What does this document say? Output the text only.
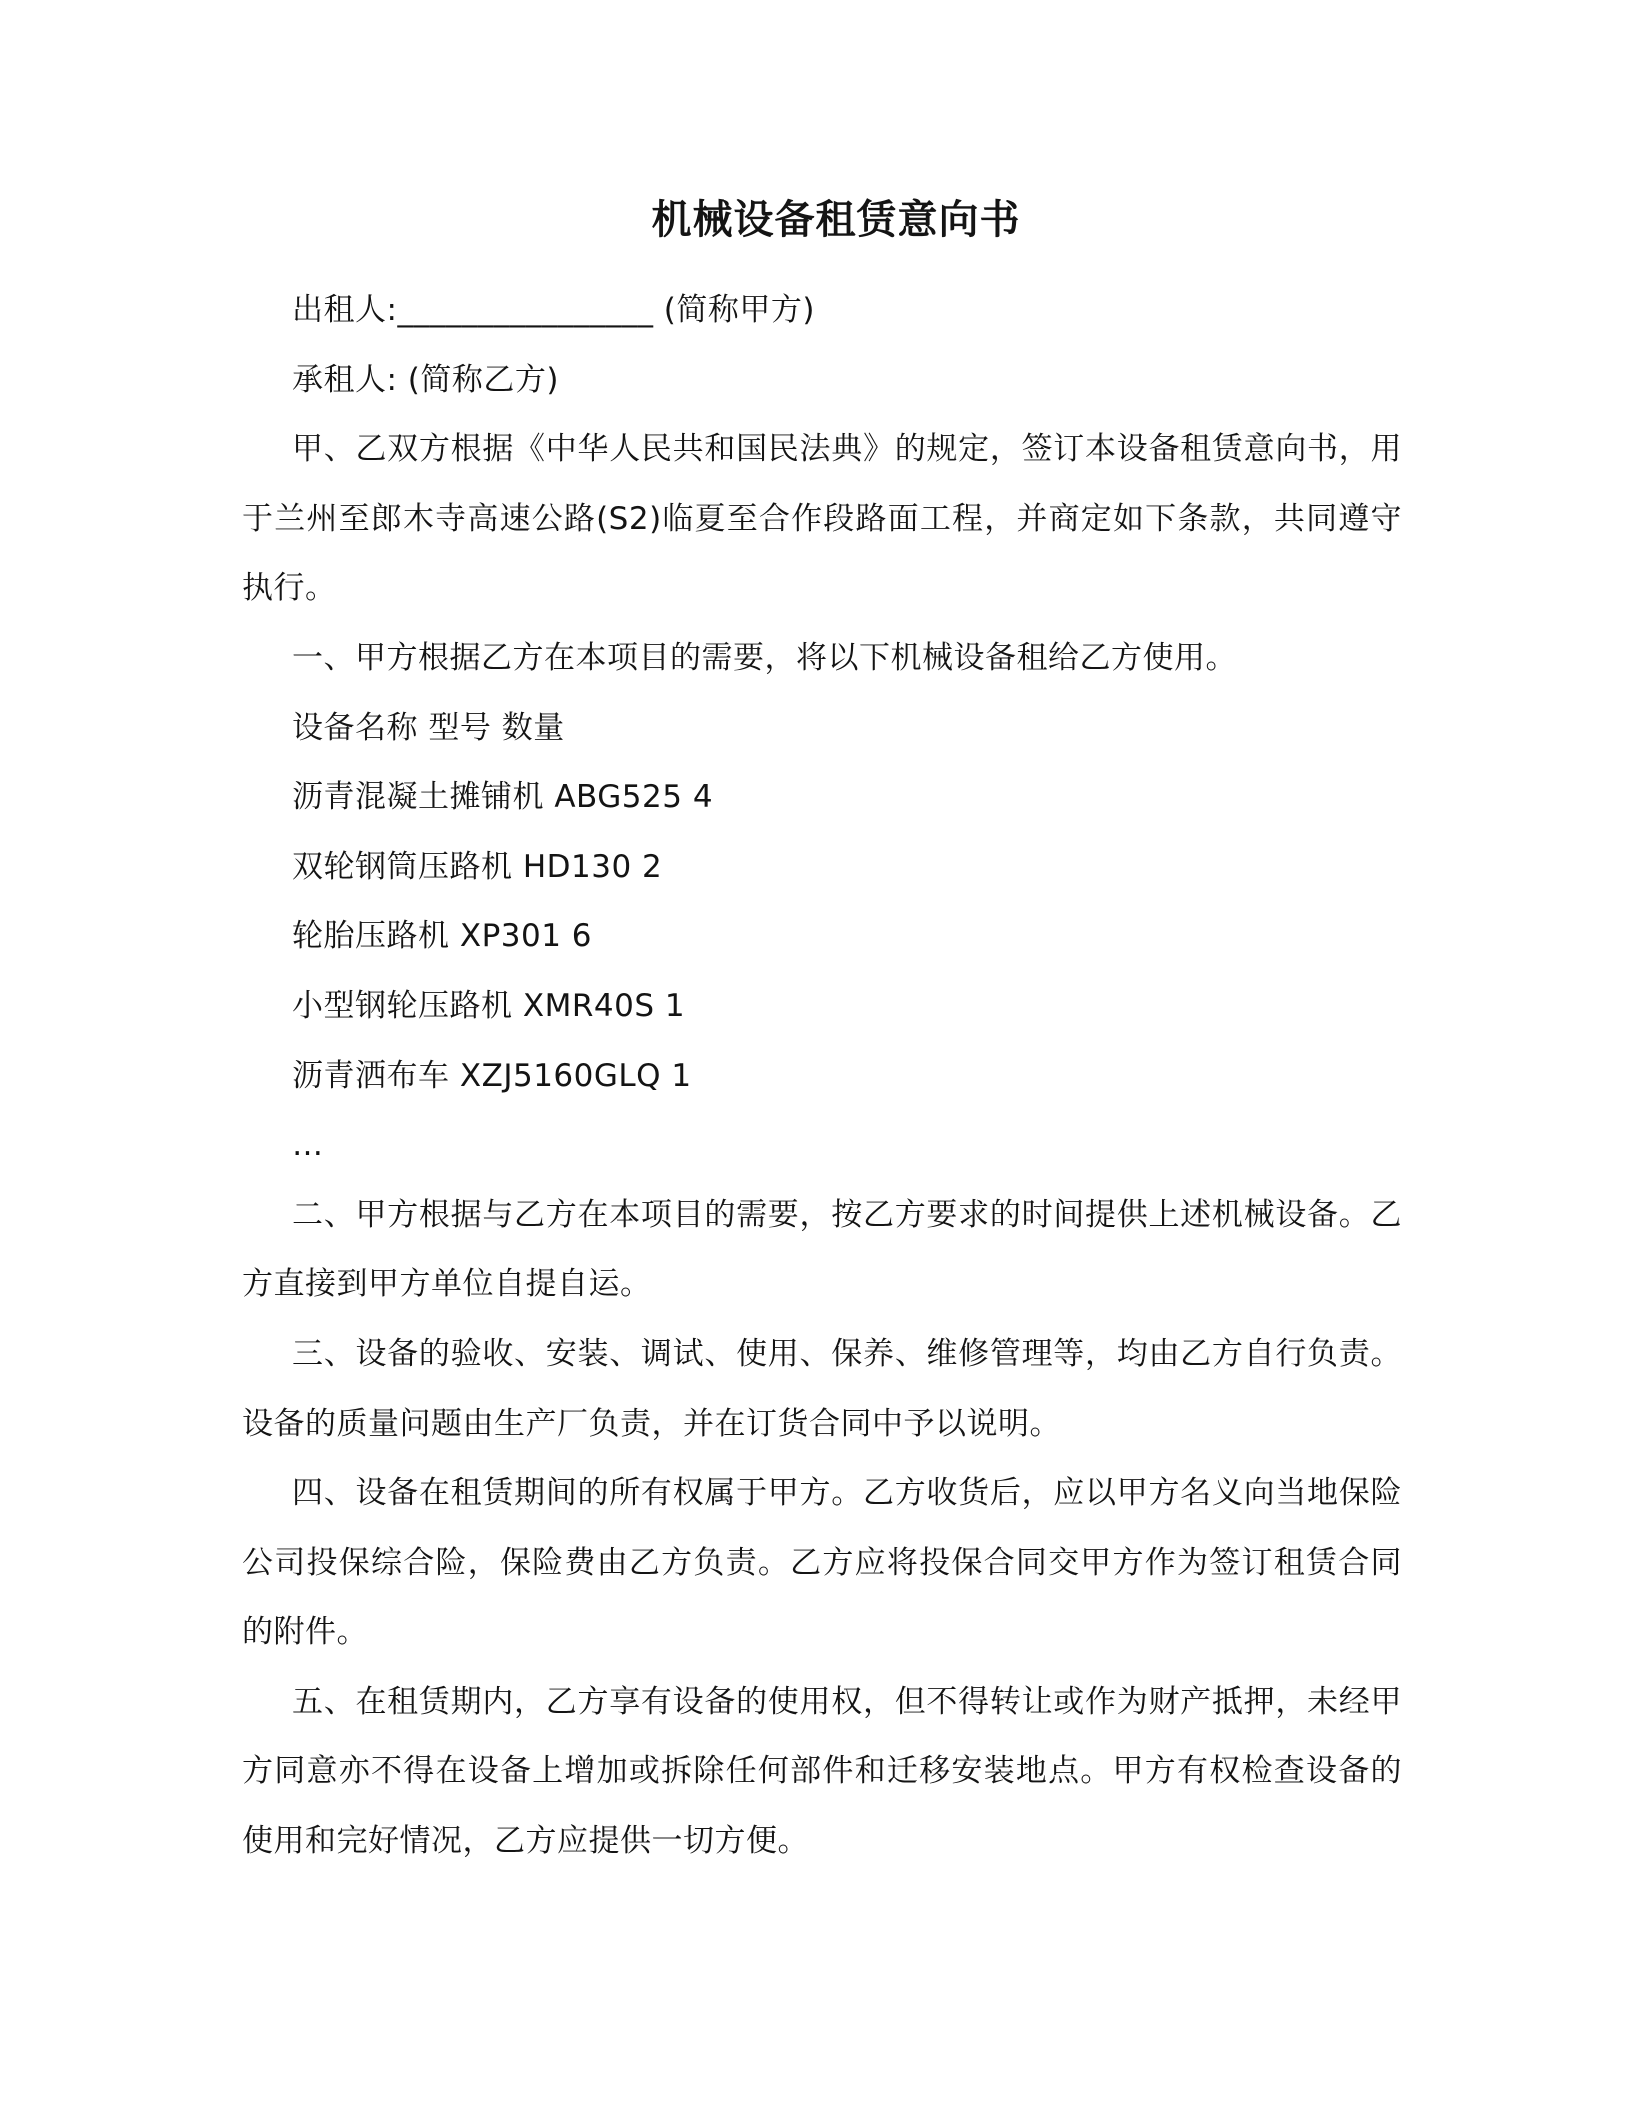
机械设备租赁意向书

出租人:________________ (简称甲方)

承租人: (简称乙方)

甲、乙双方根据《中华人民共和国民法典》的规定，签订本设备租赁意向书，用于兰州至郎木寺高速公路(S2)临夏至合作段路面工程，并商定如下条款，共同遵守执行。

一、甲方根据乙方在本项目的需要，将以下机械设备租给乙方使用。

设备名称 型号 数量

沥青混凝土摊铺机 ABG525 4

双轮钢筒压路机 HD130 2

轮胎压路机 XP301 6

小型钢轮压路机 XMR40S 1

沥青洒布车 XZJ5160GLQ 1

…

二、甲方根据与乙方在本项目的需要，按乙方要求的时间提供上述机械设备。乙方直接到甲方单位自提自运。

三、设备的验收、安装、调试、使用、保养、维修管理等，均由乙方自行负责。设备的质量问题由生产厂负责，并在订货合同中予以说明。

四、设备在租赁期间的所有权属于甲方。乙方收货后，应以甲方名义向当地保险公司投保综合险，保险费由乙方负责。乙方应将投保合同交甲方作为签订租赁合同的附件。

五、在租赁期内，乙方享有设备的使用权，但不得转让或作为财产抵押，未经甲方同意亦不得在设备上增加或拆除任何部件和迁移安装地点。甲方有权检查设备的使用和完好情况，乙方应提供一切方便。
